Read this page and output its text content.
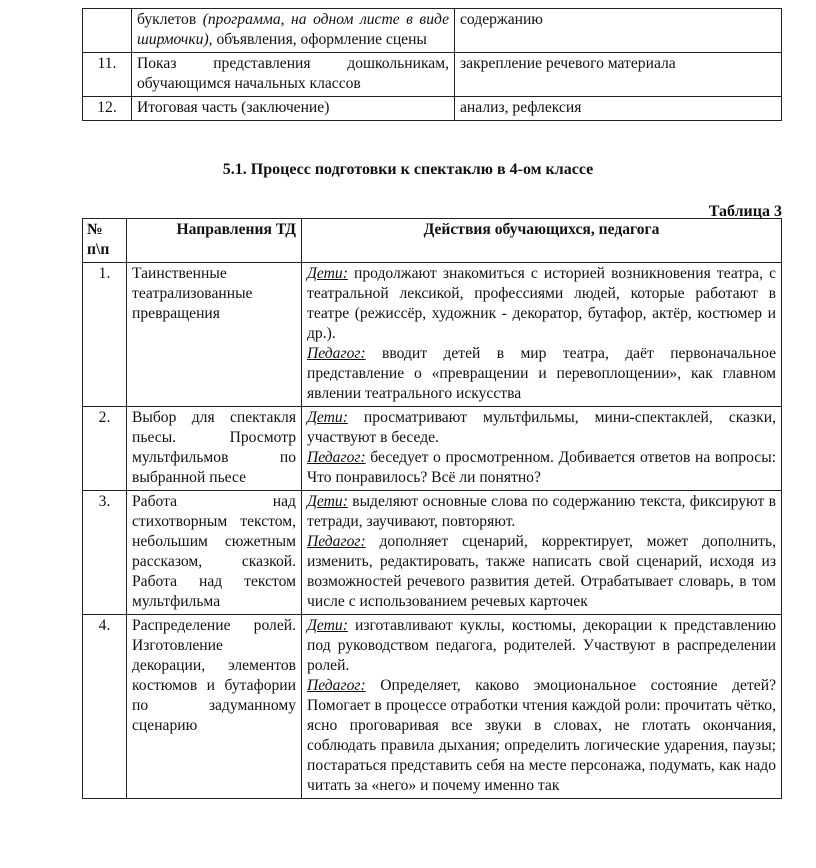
	буклетов (программа, на одном листе в виде ширмочки), объявления, оформление сцены	содержанию
11.	Показ представления дошкольникам, обучающимся начальных классов	закрепление речевого материала
12.	Итоговая часть (заключение)	анализ, рефлексия
5.1. Процесс подготовки к спектаклю в 4-ом классе
Таблица 3
№ п\п	Направления ТД	Действия обучающихся, педагога
1.	Таинственные театрализованные превращения	Дети: продолжают знакомиться с историей возникновения театра, с театральной лексикой, профессиями людей, которые работают в театре (режиссёр, художник - декоратор, бутафор, актёр, костюмер и др.).
Педагог: вводит детей в мир театра, даёт первоначальное представление о «превращении и перевоплощении», как главном явлении театрального искусства

2.	Выбор для спектакля пьесы. Просмотр мультфильмов по выбранной пьесе	Дети: просматривают мультфильмы, мини-спектаклей, сказки, участвуют в беседе.
Педагог: беседует о просмотренном. Добивается ответов на вопросы: Что понравилось? Всё ли понятно?

3.	Работа над стихотворным текстом, небольшим сюжетным рассказом, сказкой. Работа над текстом мультфильма	Дети: выделяют основные слова по содержанию текста, фиксируют в тетради, заучивают, повторяют.
Педагог: дополняет сценарий, корректирует, может дополнить, изменить, редактировать, также написать свой сценарий, исходя из возможностей речевого развития детей. Отрабатывает словарь, в том числе с использованием речевых карточек

4.	Распределение ролей. Изготовление декорации, элементов костюмов и бутафории по задуманному сценарию	Дети: изготавливают куклы, костюмы, декорации к представлению под руководством педагога, родителей. Участвуют в распределении ролей.
Педагог: Определяет, каково эмоциональное состояние детей? Помогает в процессе отработки чтения каждой роли: прочитать чётко, ясно проговаривая все звуки в словах, не глотать окончания, соблюдать правила дыхания; определить логические ударения, паузы; постараться представить себя на месте персонажа, подумать, как надо читать за «него» и почему именно так
